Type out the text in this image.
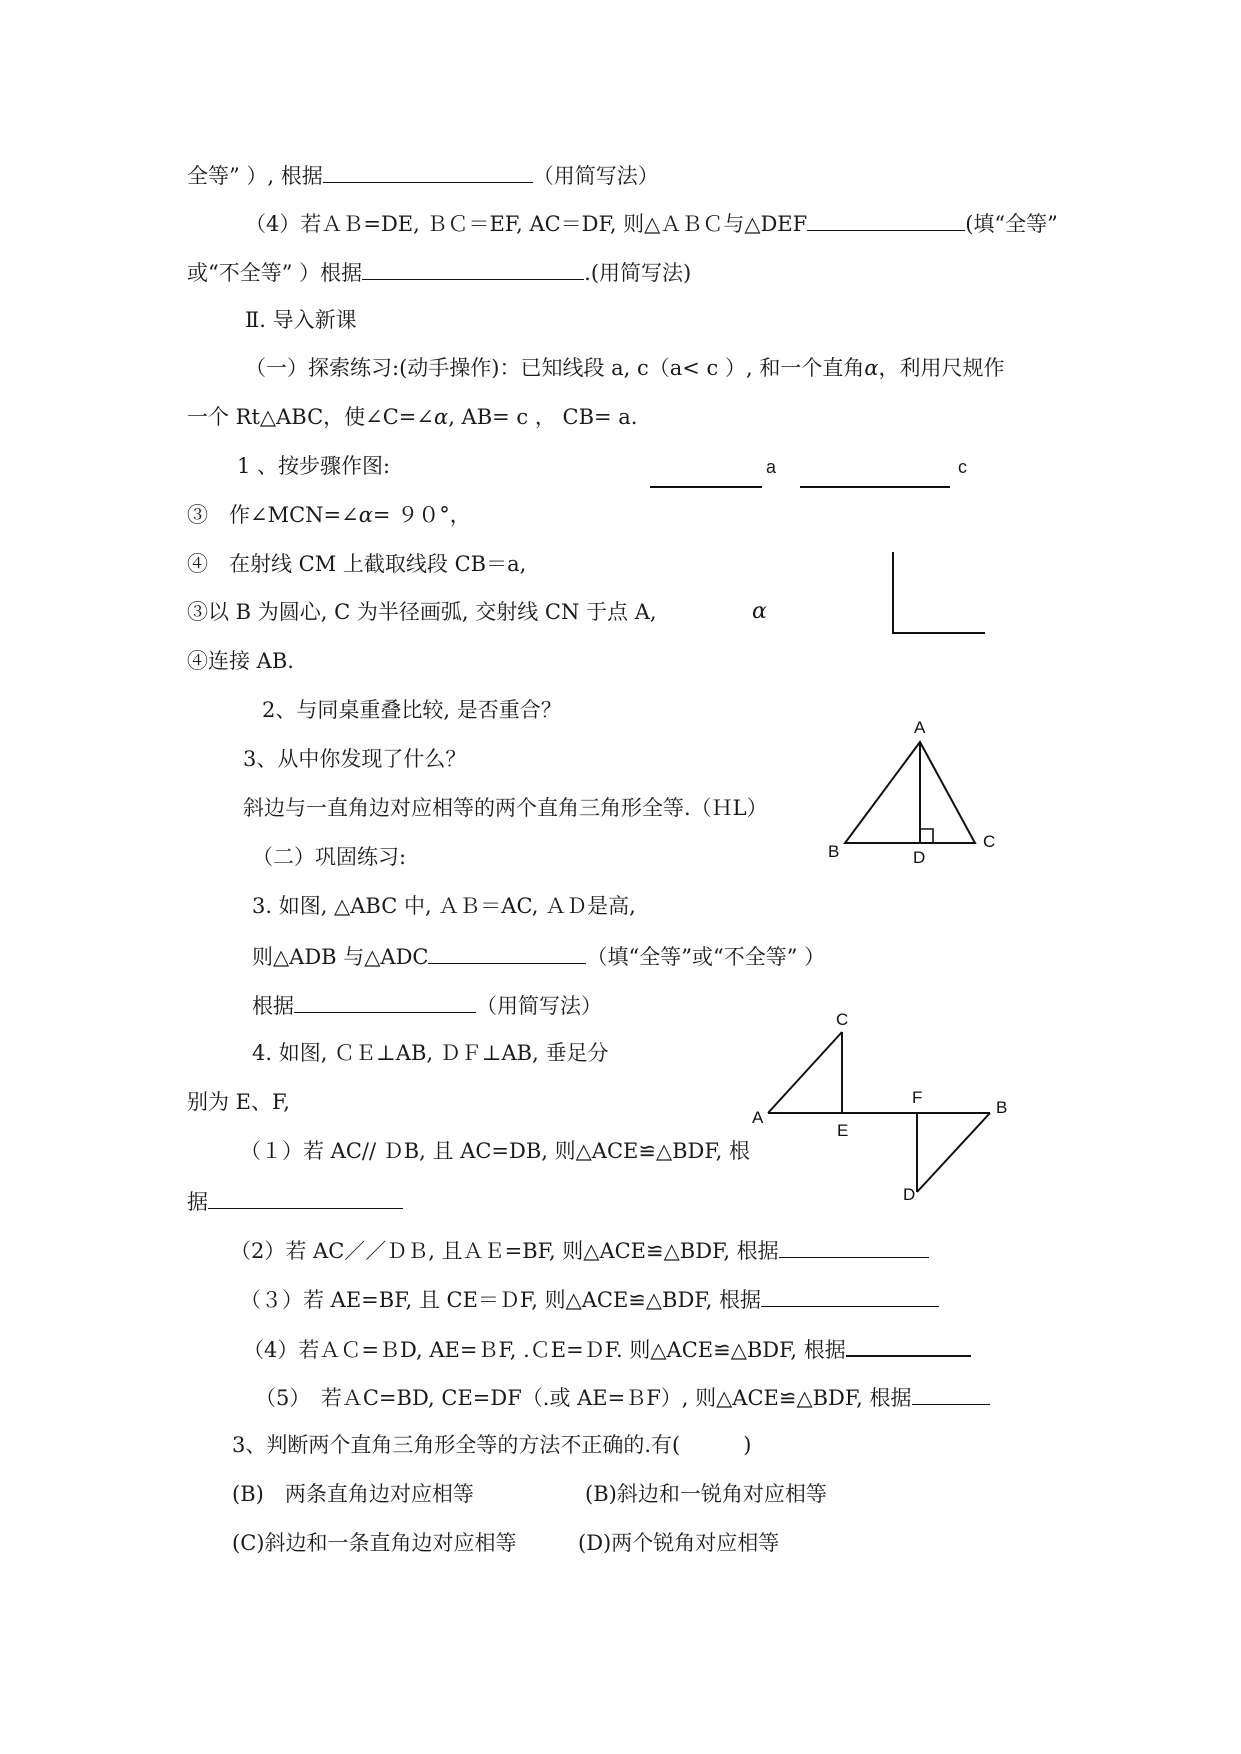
全等” ）, 根据	（用简写法）
（4）若ＡＢ=DE, ＢＣ＝EF, AC＝DF, 则△ＡＢＣ与△DEF	(填“全等”
或“不全等” ）根据	.(用简写法)
Ⅱ. 导入新课
（一）探索练习:(动手操作)：已知线段 a, c（a< c ）, 和一个直角α，利用尺规作
一个 Rt△ABC，使∠C=∠α, AB= c ， CB= a.
1 、按步骤作图:	a	c
③　作∠MCN=∠α= ９０°，
④　在射线 CM 上截取线段 CB＝a,
③以 B 为圆心, C 为半径画弧, 交射线 CN 于点 A,	α
④连接 AB.
2、与同桌重叠比较, 是否重合？
3、从中你发现了什么？
斜边与一直角边对应相等的两个直角三角形全等.（ＨL）
A
B
C
D
（二）巩固练习:
3. 如图, △ABC 中, ＡＢ＝AC, ＡＤ是高,
则△ADB 与△ADC	（填“全等”或“不全等” ）
根据	（用简写法）
4. 如图, ＣＥ⊥AB, ＤＦ⊥AB, 垂足分
C
A
E
F
B
D
别为 E、F,
（１）若 AC// ＤB, 且 AC=DB, 则△ACE≌△BDF, 根
据
（2）若 AC／／ＤＢ, 且ＡＥ=BF, 则△ACE≌△BDF, 根据
（３）若 AE=BF, 且 CE＝ＤF, 则△ACE≌△BDF, 根据
（4）若ＡＣ=ＢD, AE=ＢF, .ＣE=ＤF. 则△ACE≌△BDF, 根据
（5）　若ＡC=BD, CE=DF（.或 AE=ＢF）, 则△ACE≌△BDF, 根据
3、判断两个直角三角形全等的方法不正确的.有(　　　)
(B)　两条直角边对应相等	(B)斜边和一锐角对应相等
(C)斜边和一条直角边对应相等	(D)两个锐角对应相等
